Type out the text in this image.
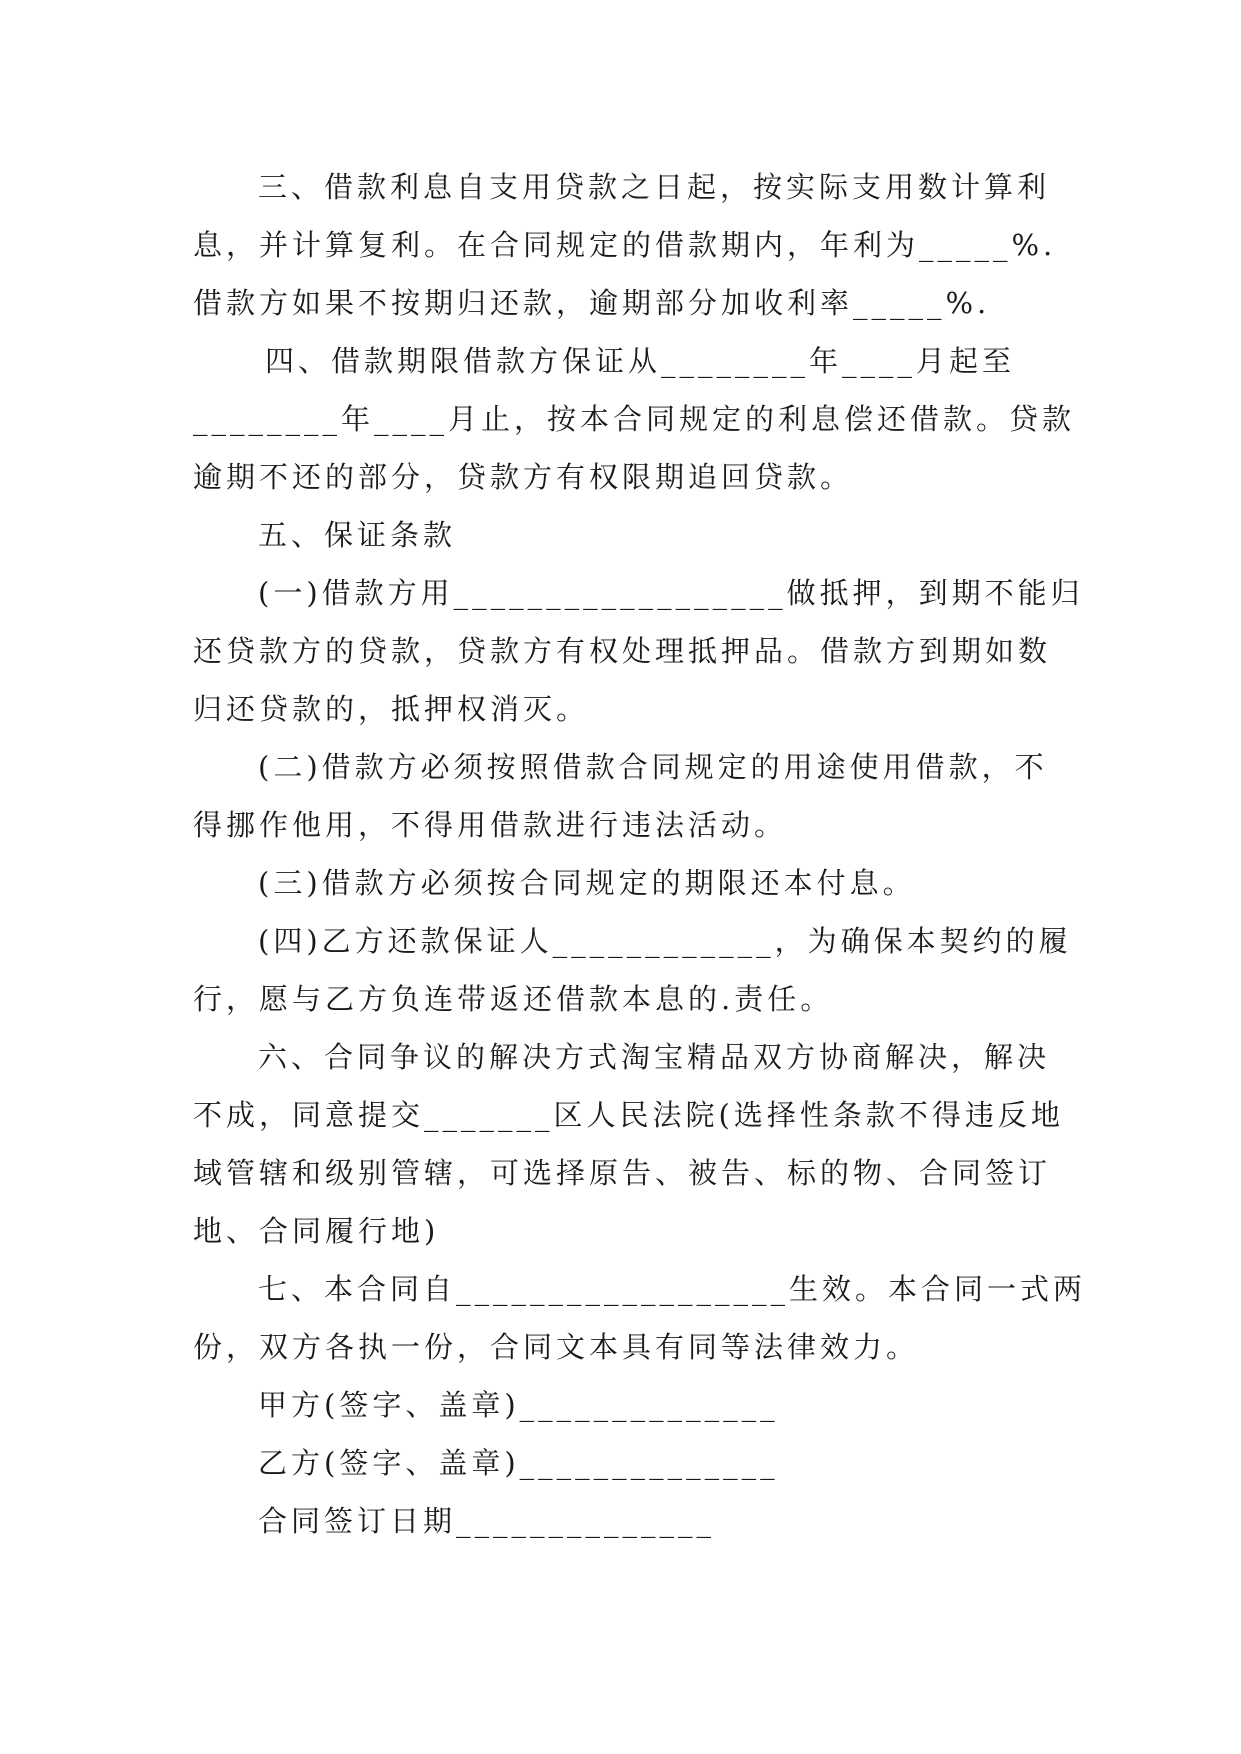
三、借款利息自支用贷款之日起，按实际支用数计算利
息，并计算复利。在合同规定的借款期内，年利为_____%.
借款方如果不按期归还款，逾期部分加收利率_____%.
四、借款期限借款方保证从________年____月起至
________年____月止，按本合同规定的利息偿还借款。贷款
逾期不还的部分，贷款方有权限期追回贷款。
五、保证条款
(一)借款方用__________________做抵押，到期不能归
还贷款方的贷款，贷款方有权处理抵押品。借款方到期如数
归还贷款的，抵押权消灭。
(二)借款方必须按照借款合同规定的用途使用借款，不
得挪作他用，不得用借款进行违法活动。
(三)借款方必须按合同规定的期限还本付息。
(四)乙方还款保证人____________，为确保本契约的履
行，愿与乙方负连带返还借款本息的.责任。
六、合同争议的解决方式淘宝精品双方协商解决，解决
不成，同意提交_______区人民法院(选择性条款不得违反地
域管辖和级别管辖，可选择原告、被告、标的物、合同签订
地、合同履行地)
七、本合同自__________________生效。本合同一式两
份，双方各执一份，合同文本具有同等法律效力。
甲方(签字、盖章)______________
乙方(签字、盖章)______________
合同签订日期______________
